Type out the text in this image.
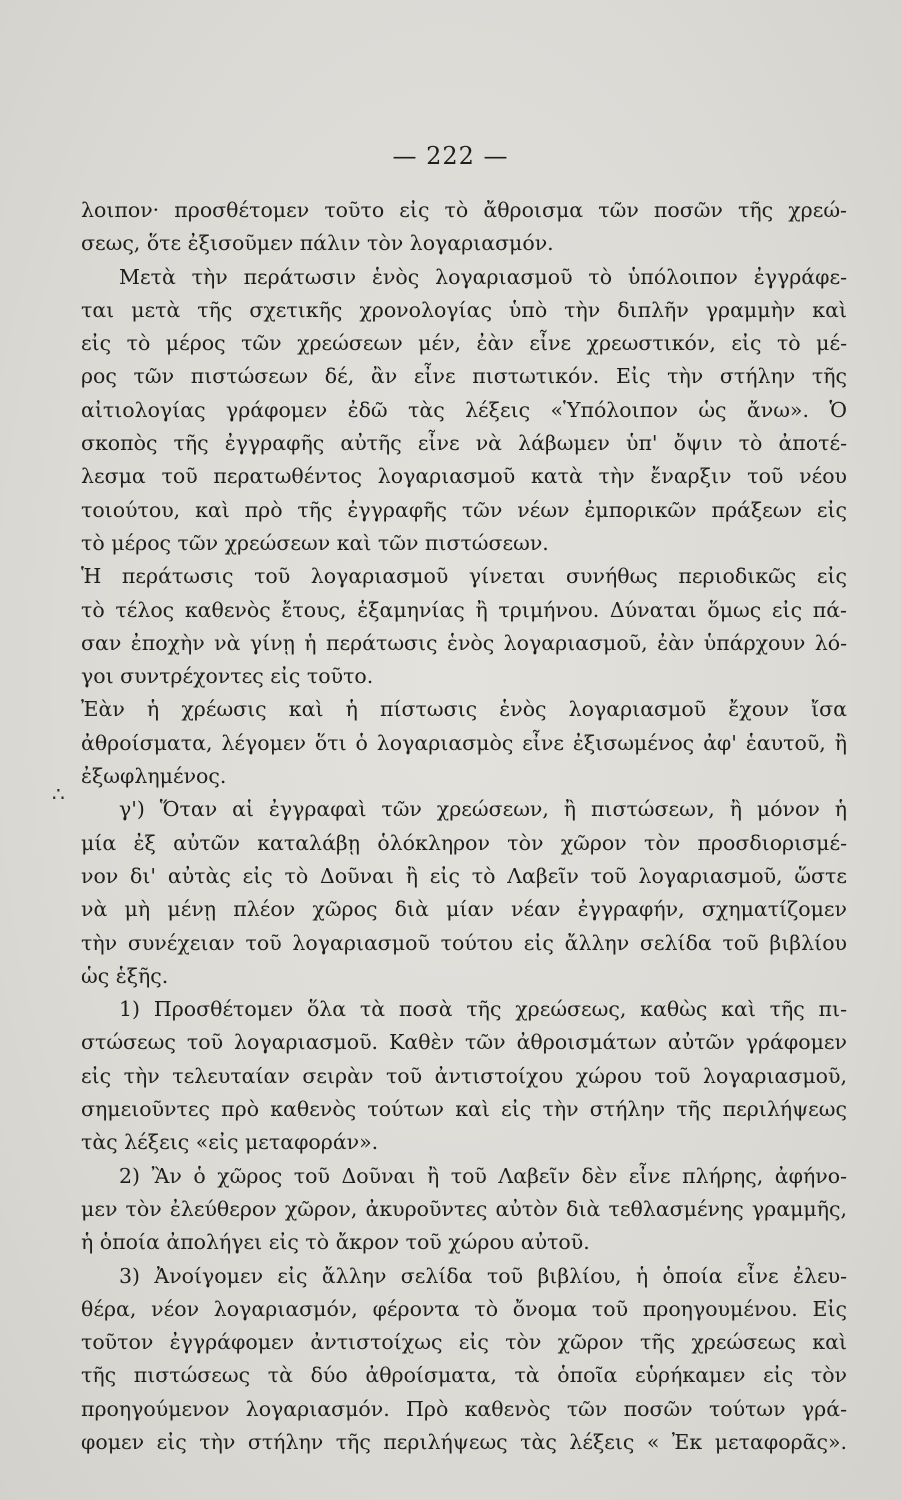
— 222 —
∴
λοιπον· προσθέτομεν τοῦτο εἰς τὸ ἄθροισμα τῶν ποσῶν τῆς χρεώ-
σεως, ὅτε ἐξισοῦμεν πάλιν τὸν λογαριασμόν.
Μετὰ τὴν περάτωσιν ἑνὸς λογαριασμοῦ τὸ ὑπόλοιπον ἐγγράφε-
ται μετὰ τῆς σχετικῆς χρονολογίας ὑπὸ τὴν διπλῆν γραμμὴν καὶ
εἰς τὸ μέρος τῶν χρεώσεων μέν, ἐὰν εἶνε χρεωστικόν, εἰς τὸ μέ-
ρος τῶν πιστώσεων δέ, ἂν εἶνε πιστωτικόν. Εἰς τὴν στήλην τῆς
αἰτιολογίας γράφομεν ἐδῶ τὰς λέξεις «Ὑπόλοιπον ὡς ἄνω». Ὁ
σκοπὸς τῆς ἐγγραφῆς αὐτῆς εἶνε νὰ λάβωμεν ὑπ' ὄψιν τὸ ἀποτέ-
λεσμα τοῦ περατωθέντος λογαριασμοῦ κατὰ τὴν ἔναρξιν τοῦ νέου
τοιούτου, καὶ πρὸ τῆς ἐγγραφῆς τῶν νέων ἐμπορικῶν πράξεων εἰς
τὸ μέρος τῶν χρεώσεων καὶ τῶν πιστώσεων.
Ἡ περάτωσις τοῦ λογαριασμοῦ γίνεται συνήθως περιοδικῶς εἰς
τὸ τέλος καθενὸς ἔτους, ἑξαμηνίας ἢ τριμήνου. Δύναται ὅμως εἰς πά-
σαν ἐποχὴν νὰ γίνῃ ἡ περάτωσις ἑνὸς λογαριασμοῦ, ἐὰν ὑπάρχουν λό-
γοι συντρέχοντες εἰς τοῦτο.
Ἐὰν ἡ χρέωσις καὶ ἡ πίστωσις ἑνὸς λογαριασμοῦ ἔχουν ἴσα
ἀθροίσματα, λέγομεν ὅτι ὁ λογαριασμὸς εἶνε ἐξισωμένος ἀφ' ἑαυτοῦ, ἢ
ἐξωφλημένος.
γ') Ὅταν αἱ ἐγγραφαὶ τῶν χρεώσεων, ἢ πιστώσεων, ἢ μόνον ἡ
μία ἐξ αὐτῶν καταλάβῃ ὁλόκληρον τὸν χῶρον τὸν προσδιορισμέ-
νον δι' αὐτὰς εἰς τὸ Δοῦναι ἢ εἰς τὸ Λαβεῖν τοῦ λογαριασμοῦ, ὥστε
νὰ μὴ μένῃ πλέον χῶρος διὰ μίαν νέαν ἐγγραφήν, σχηματίζομεν
τὴν συνέχειαν τοῦ λογαριασμοῦ τούτου εἰς ἄλλην σελίδα τοῦ βιβλίου
ὡς ἑξῆς.
1) Προσθέτομεν ὅλα τὰ ποσὰ τῆς χρεώσεως, καθὼς καὶ τῆς πι-
στώσεως τοῦ λογαριασμοῦ. Καθὲν τῶν ἀθροισμάτων αὐτῶν γράφομεν
εἰς τὴν τελευταίαν σειρὰν τοῦ ἀντιστοίχου χώρου τοῦ λογαριασμοῦ,
σημειοῦντες πρὸ καθενὸς τούτων καὶ εἰς τὴν στήλην τῆς περιλήψεως
τὰς λέξεις «εἰς μεταφοράν».
2) Ἂν ὁ χῶρος τοῦ Δοῦναι ἢ τοῦ Λαβεῖν δὲν εἶνε πλήρης, ἀφήνο-
μεν τὸν ἐλεύθερον χῶρον, ἀκυροῦντες αὐτὸν διὰ τεθλασμένης γραμμῆς,
ἡ ὁποία ἀπολήγει εἰς τὸ ἄκρον τοῦ χώρου αὐτοῦ.
3) Ἀνοίγομεν εἰς ἄλλην σελίδα τοῦ βιβλίου, ἡ ὁποία εἶνε ἐλευ-
θέρα, νέον λογαριασμόν, φέροντα τὸ ὄνομα τοῦ προηγουμένου. Εἰς
τοῦτον ἐγγράφομεν ἀντιστοίχως εἰς τὸν χῶρον τῆς χρεώσεως καὶ
τῆς πιστώσεως τὰ δύο ἀθροίσματα, τὰ ὁποῖα εὑρήκαμεν εἰς τὸν
προηγούμενον λογαριασμόν. Πρὸ καθενὸς τῶν ποσῶν τούτων γρά-
φομεν εἰς τὴν στήλην τῆς περιλήψεως τὰς λέξεις « Ἐκ μεταφορᾶς».
